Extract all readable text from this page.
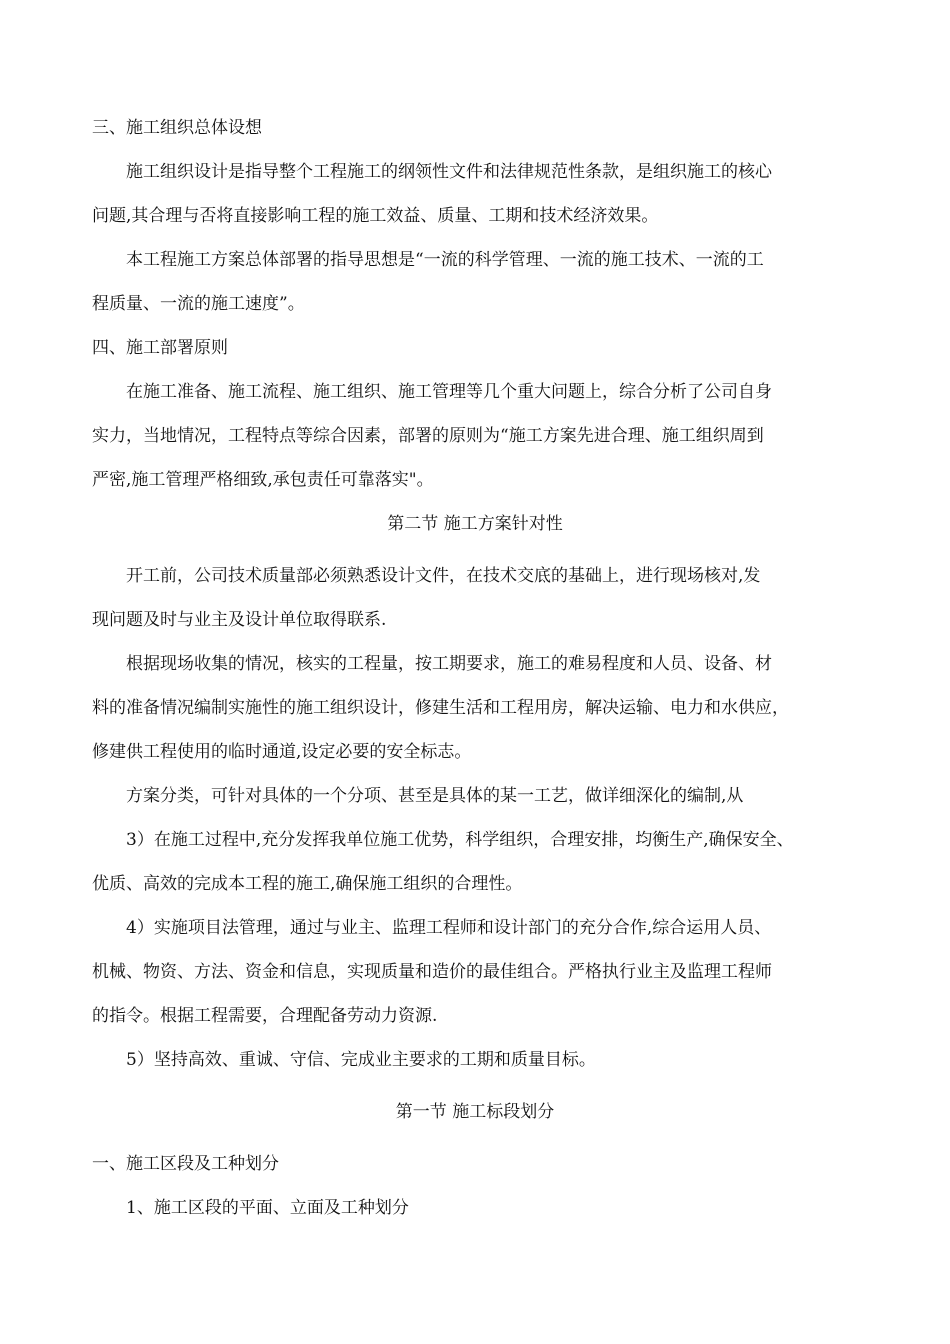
三、施工组织总体设想
施工组织设计是指导整个工程施工的纲领性文件和法律规范性条款，是组织施工的核心
问题,其合理与否将直接影响工程的施工效益、质量、工期和技术经济效果。
本工程施工方案总体部署的指导思想是“一流的科学管理、一流的施工技术、一流的工
程质量、一流的施工速度”。
四、施工部署原则
在施工准备、施工流程、施工组织、施工管理等几个重大问题上，综合分析了公司自身
实力，当地情况，工程特点等综合因素，部署的原则为“施工方案先进合理、施工组织周到
严密,施工管理严格细致,承包责任可靠落实"。
第二节 施工方案针对性
开工前，公司技术质量部必须熟悉设计文件，在技术交底的基础上，进行现场核对,发
现问题及时与业主及设计单位取得联系.
根据现场收集的情况，核实的工程量，按工期要求，施工的难易程度和人员、设备、材
料的准备情况编制实施性的施工组织设计，修建生活和工程用房，解决运输、电力和水供应，
修建供工程使用的临时通道,设定必要的安全标志。
方案分类，可针对具体的一个分项、甚至是具体的某一工艺，做详细深化的编制,从
3）在施工过程中,充分发挥我单位施工优势，科学组织，合理安排，均衡生产,确保安全、
优质、高效的完成本工程的施工,确保施工组织的合理性。
4）实施项目法管理，通过与业主、监理工程师和设计部门的充分合作,综合运用人员、
机械、物资、方法、资金和信息，实现质量和造价的最佳组合。严格执行业主及监理工程师
的指令。根据工程需要，合理配备劳动力资源.
5）坚持高效、重诚、守信、完成业主要求的工期和质量目标。
第一节 施工标段划分
一、施工区段及工种划分
1、施工区段的平面、立面及工种划分
